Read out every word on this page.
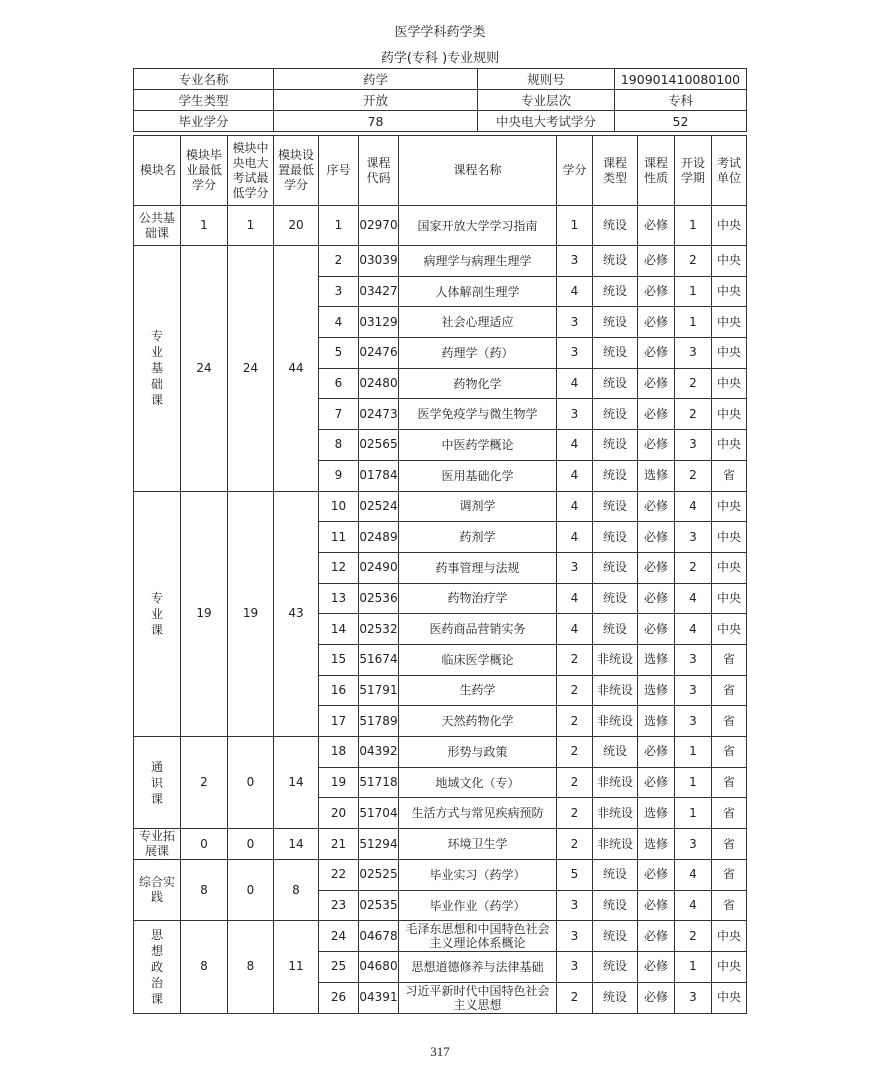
医学学科药学类
药学(专科 )专业规则
专业名称	药学	规则号	190901410080100
学生类型	开放	专业层次	专科
毕业学分	78	中央电大考试学分	52
模块名	模块毕业最低学分	模块中央电大考试最低学分	模块设置最低学分	序号	课程代码	课程名称	学分	课程类型	课程性质	开设学期	考试单位

公共基础课	1	1	20	1	02970	国家开放大学学习指南	1	统设	必修	1	中央

专业基础课	24	24	44	2	03039	病理学与病理生理学	3	统设	必修	2	中央
				3	03427	人体解剖生理学	4	统设	必修	1	中央
				4	03129	社会心理适应	3	统设	必修	1	中央
				5	02476	药理学（药）	3	统设	必修	3	中央
				6	02480	药物化学	4	统设	必修	2	中央
				7	02473	医学免疫学与微生物学	3	统设	必修	2	中央
				8	02565	中医药学概论	4	统设	必修	3	中央
				9	01784	医用基础化学	4	统设	选修	2	省

专业课	19	19	43	10	02524	调剂学	4	统设	必修	4	中央
				11	02489	药剂学	4	统设	必修	3	中央
				12	02490	药事管理与法规	3	统设	必修	2	中央
				13	02536	药物治疗学	4	统设	必修	4	中央
				14	02532	医药商品营销实务	4	统设	必修	4	中央
				15	51674	临床医学概论	2	非统设	选修	3	省
				16	51791	生药学	2	非统设	选修	3	省
				17	51789	天然药物化学	2	非统设	选修	3	省

通识课	2	0	14	18	04392	形势与政策	2	统设	必修	1	省
				19	51718	地域文化（专）	2	非统设	必修	1	省
				20	51704	生活方式与常见疾病预防	2	非统设	选修	1	省

专业拓展课	0	0	14	21	51294	环境卫生学	2	非统设	选修	3	省

综合实践	8	0	8	22	02525	毕业实习（药学）	5	统设	必修	4	省
				23	02535	毕业作业（药学）	3	统设	必修	4	省

思想政治课	8	8	11	24	04678	毛泽东思想和中国特色社会主义理论体系概论	3	统设	必修	2	中央
				25	04680	思想道德修养与法律基础	3	统设	必修	1	中央
				26	04391	习近平新时代中国特色社会主义思想	2	统设	必修	3	中央
317
